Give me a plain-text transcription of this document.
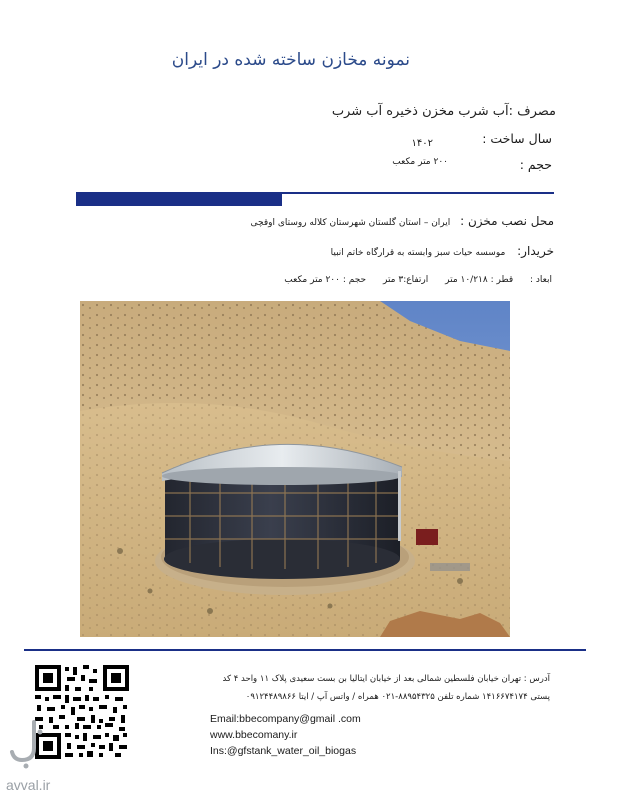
نمونه مخازن ساخته شده در ایران
مصرف :آب شرب مخزن ذخیره آب شرب
سال ساخت :
۱۴۰۲
حجم :
۲۰۰ متر مکعب
محل نصب مخزن : ایران – استان گلستان شهرستان کلاله روستای اوقچی
خریدار: موسسه حیات سبز وابسته به قرارگاه خاتم انبیا
ابعاد : قطر : ۱۰/۲۱۸ متر ارتفاع:۳ متر حجم : ۲۰۰ متر مکعب
آدرس : تهران خیابان فلسطین شمالی بعد از خیابان ایتالیا بن بست سعیدی پلاک ۱۱ واحد ۴ کد
پستی ۱۴۱۶۶۷۴۱۷۴ شماره تلفن ۸۸۹۵۴۳۲۵-۰۲۱ همراه / واتس آپ / ایتا ۰۹۱۲۴۴۸۹۸۶۶
Email:bbecompany@gmail .com
www.bbecomany.ir
Ins:@gfstank_water_oil_biogas
avval.ir
